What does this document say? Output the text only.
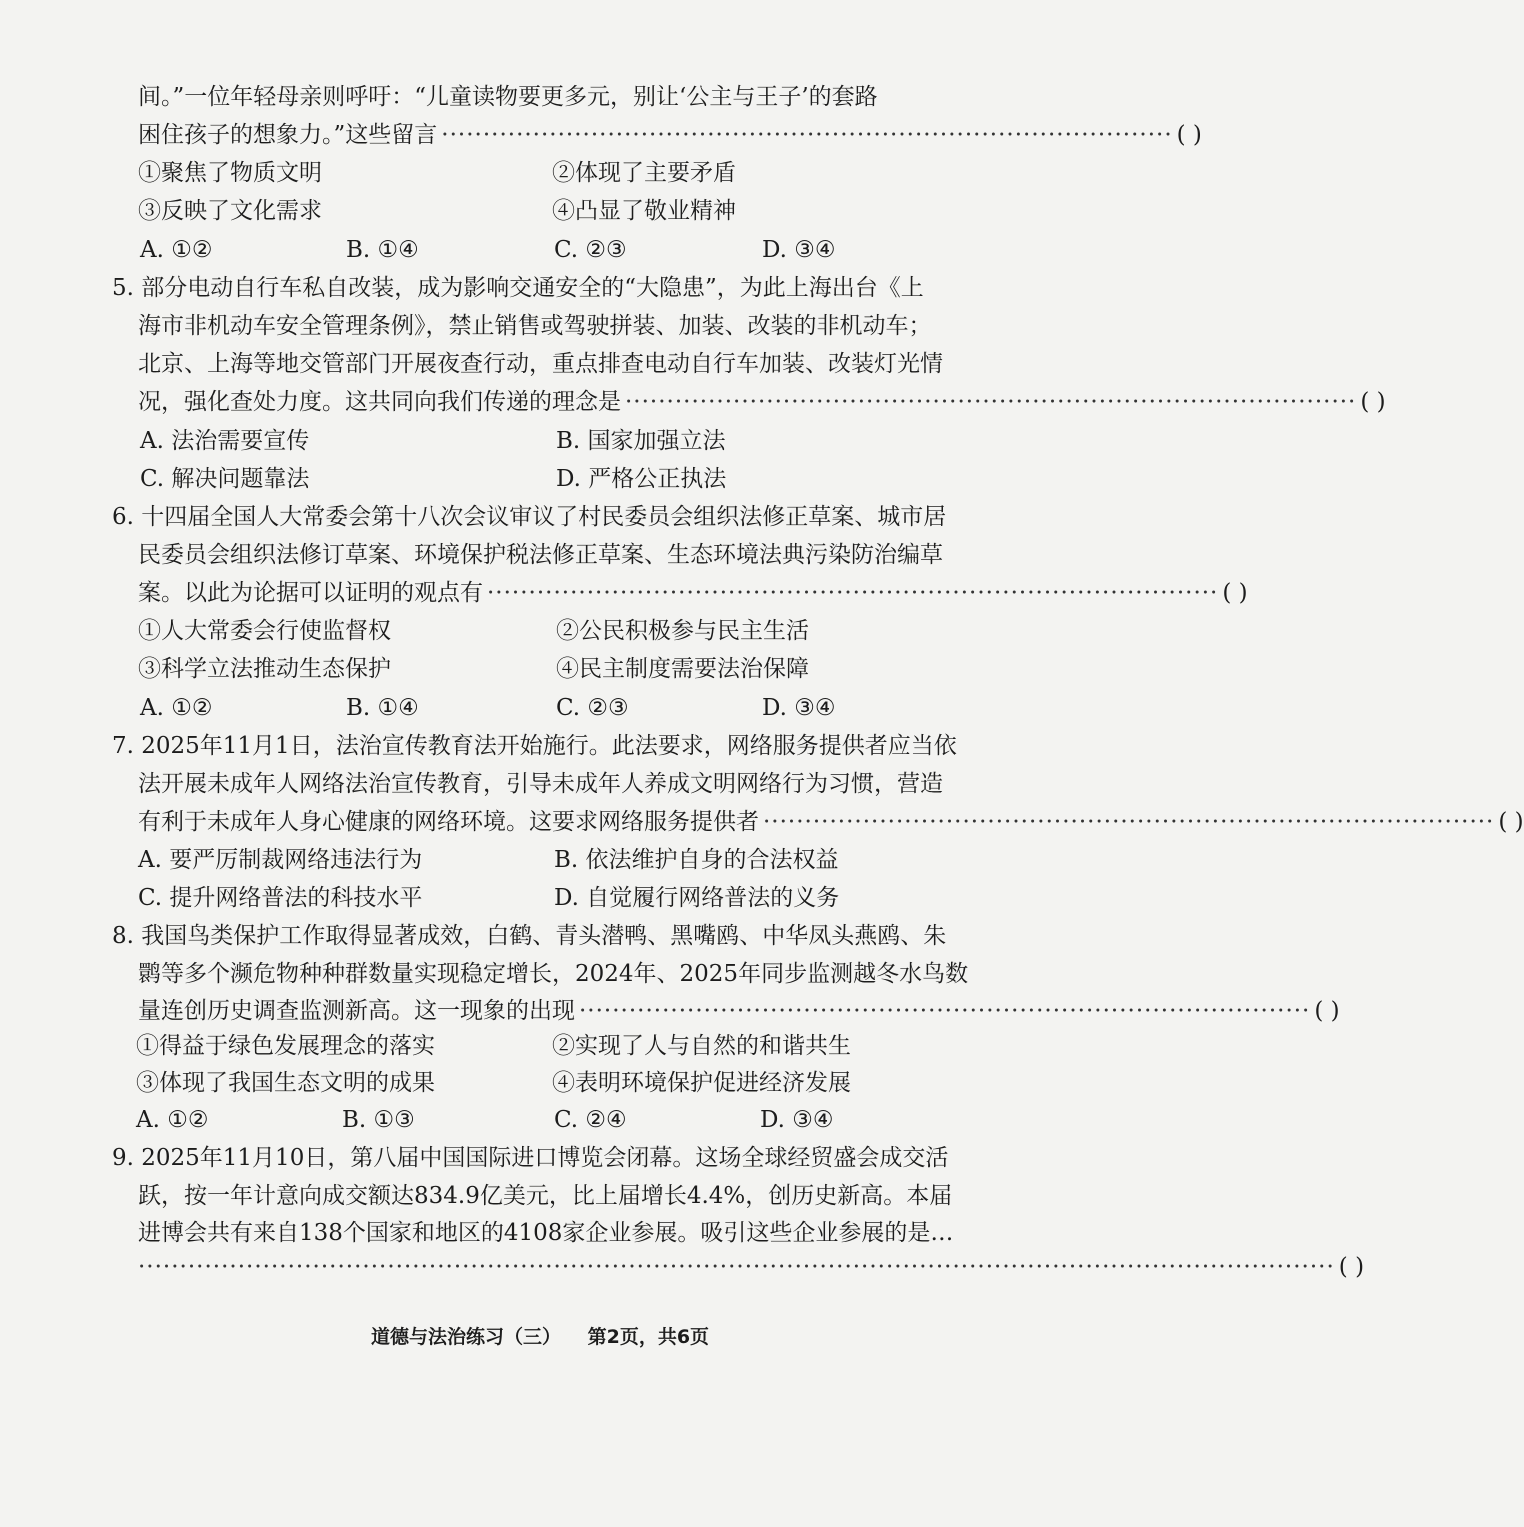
间。”一位年轻母亲则呼吁：“儿童读物要更多元，别让‘公主与王子’的套路
困住孩子的想象力。”这些留言 ························································································ ( )
①聚焦了物质文明	②体现了主要矛盾
③反映了文化需求	④凸显了敬业精神
A. ①②	B. ①④	C. ②③	D. ③④
5. 部分电动自行车私自改装，成为影响交通安全的“大隐患”，为此上海出台《上
海市非机动车安全管理条例》，禁止销售或驾驶拼装、加装、改装的非机动车；
北京、上海等地交管部门开展夜查行动，重点排查电动自行车加装、改装灯光情
况，强化查处力度。这共同向我们传递的理念是 ························································································ ( )
A. 法治需要宣传	B. 国家加强立法
C. 解决问题靠法	D. 严格公正执法
6. 十四届全国人大常委会第十八次会议审议了村民委员会组织法修正草案、城市居
民委员会组织法修订草案、环境保护税法修正草案、生态环境法典污染防治编草
案。以此为论据可以证明的观点有 ························································································ ( )
①人大常委会行使监督权	②公民积极参与民主生活
③科学立法推动生态保护	④民主制度需要法治保障
A. ①②	B. ①④	C. ②③	D. ③④
7. 2025年11月1日，法治宣传教育法开始施行。此法要求，网络服务提供者应当依
法开展未成年人网络法治宣传教育，引导未成年人养成文明网络行为习惯，营造
有利于未成年人身心健康的网络环境。这要求网络服务提供者 ························································································ ( )
A. 要严厉制裁网络违法行为	B. 依法维护自身的合法权益
C. 提升网络普法的科技水平	D. 自觉履行网络普法的义务
8. 我国鸟类保护工作取得显著成效，白鹤、青头潜鸭、黑嘴鸥、中华凤头燕鸥、朱
鹮等多个濒危物种种群数量实现稳定增长，2024年、2025年同步监测越冬水鸟数
量连创历史调查监测新高。这一现象的出现 ························································································ ( )
①得益于绿色发展理念的落实	②实现了人与自然的和谐共生
③体现了我国生态文明的成果	④表明环境保护促进经济发展
A. ①②	B. ①③	C. ②④	D. ③④
9. 2025年11月10日，第八届中国国际进口博览会闭幕。这场全球经贸盛会成交活
跃，按一年计意向成交额达834.9亿美元，比上届增长4.4%，创历史新高。本届
进博会共有来自138个国家和地区的4108家企业参展。吸引这些企业参展的是…
················································································································································ ( )
道德与法治练习（三） 第2页，共6页
